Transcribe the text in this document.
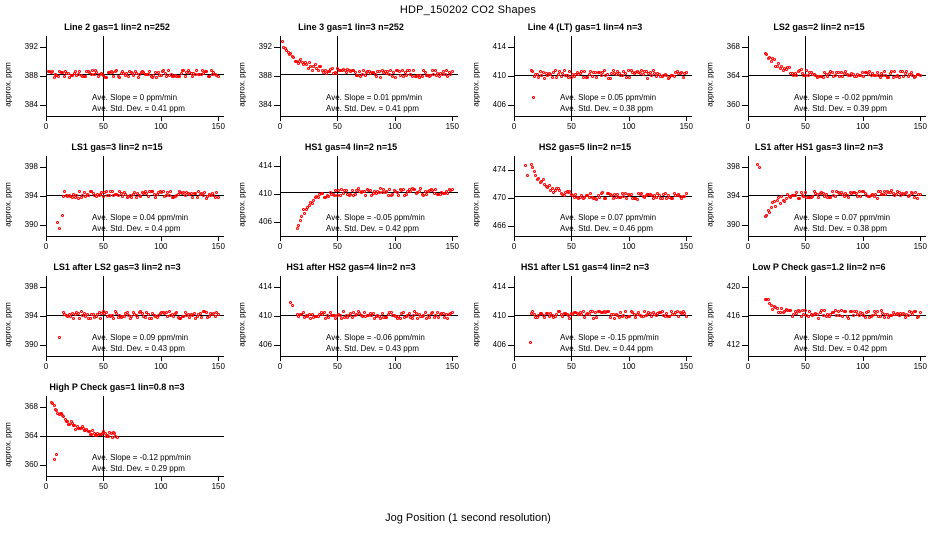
HDP_150202 CO2 Shapes
Line 2 gas=1 lin=2 n=252
approx. ppm	384
388
392
0	50	100	150
Ave. Slope = 0 ppm/min
Ave. Std. Dev. = 0.41 ppm
Line 3 gas=1 lin=3 n=252
approx. ppm	384
388
392
0	50	100	150
Ave. Slope = 0.01 ppm/min
Ave. Std. Dev. = 0.41 ppm
Line 4 (LT) gas=1 lin=4 n=3
approx. ppm	406
410
414
0	50	100	150
Ave. Slope = 0.05 ppm/min
Ave. Std. Dev. = 0.38 ppm
LS2 gas=2 lin=2 n=15
approx. ppm	360
364
368
0	50	100	150
Ave. Slope = -0.02 ppm/min
Ave. Std. Dev. = 0.39 ppm
LS1 gas=3 lin=2 n=15
approx. ppm	390
394
398
0	50	100	150
Ave. Slope = 0.04 ppm/min
Ave. Std. Dev. = 0.4 ppm
HS1 gas=4 lin=2 n=15
approx. ppm	406
410
414
0	50	100	150
Ave. Slope = -0.05 ppm/min
Ave. Std. Dev. = 0.42 ppm
HS2 gas=5 lin=2 n=15
approx. ppm	466
470
474
0	50	100	150
Ave. Slope = 0.07 ppm/min
Ave. Std. Dev. = 0.46 ppm
LS1 after HS1 gas=3 lin=2 n=3
approx. ppm	390
394
398
0	50	100	150
Ave. Slope = 0.07 ppm/min
Ave. Std. Dev. = 0.38 ppm
LS1 after LS2 gas=3 lin=2 n=3
approx. ppm	390
394
398
0	50	100	150
Ave. Slope = 0.09 ppm/min
Ave. Std. Dev. = 0.43 ppm
HS1 after HS2 gas=4 lin=2 n=3
approx. ppm	406
410
414
0	50	100	150
Ave. Slope = -0.06 ppm/min
Ave. Std. Dev. = 0.43 ppm
HS1 after LS1 gas=4 lin=2 n=3
approx. ppm	406
410
414
0	50	100	150
Ave. Slope = -0.15 ppm/min
Ave. Std. Dev. = 0.44 ppm
Low P Check gas=1.2 lin=2 n=6
approx. ppm	412
416
420
0	50	100	150
Ave. Slope = -0.12 ppm/min
Ave. Std. Dev. = 0.42 ppm
High P Check gas=1 lin=0.8 n=3
approx. ppm	360
364
368
0	50	100	150
Ave. Slope = -0.12 ppm/min
Ave. Std. Dev. = 0.29 ppm
Jog Position (1 second resolution)
